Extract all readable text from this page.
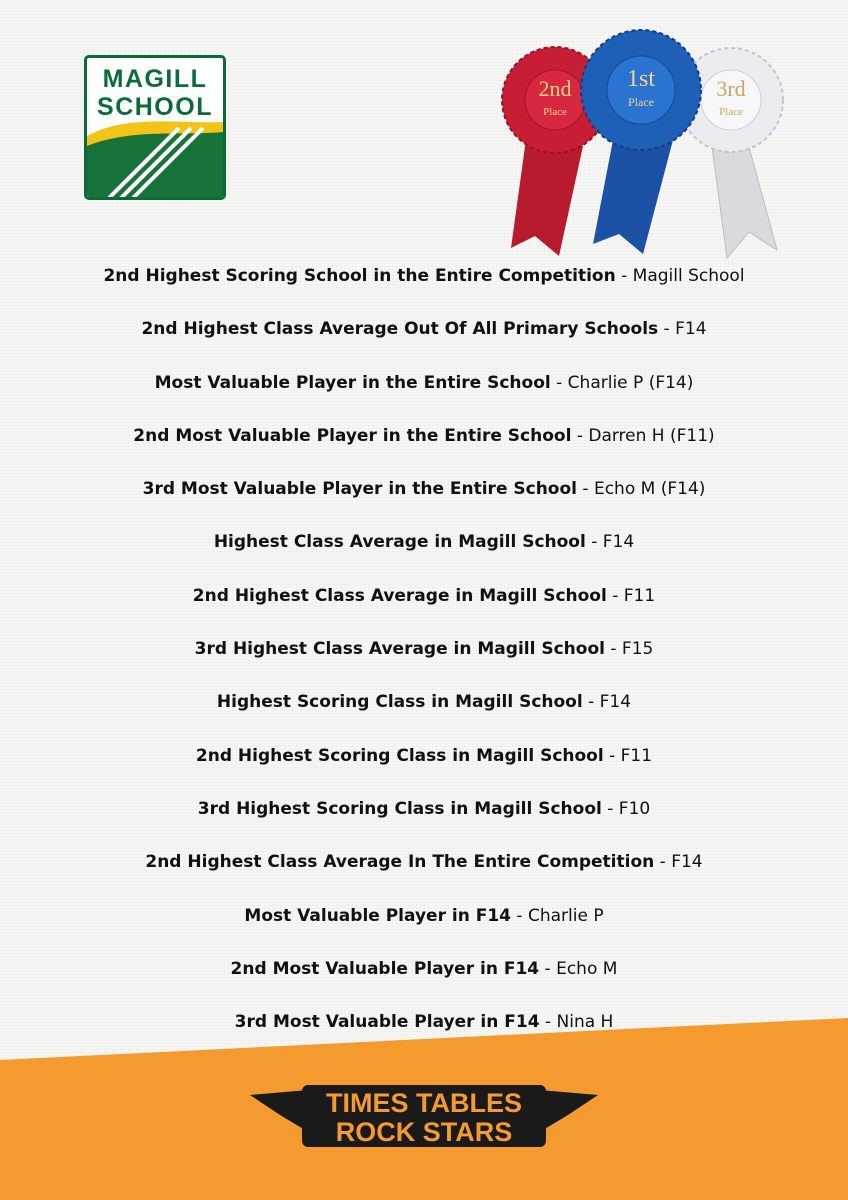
MAGILL
SCHOOL
3rd
Place
2nd
Place
1st
Place
2nd Highest Scoring School in the Entire Competition - Magill School
2nd Highest Class Average Out Of All Primary Schools - F14
Most Valuable Player in the Entire School - Charlie P (F14)
2nd Most Valuable Player in the Entire School - Darren H (F11)
3rd Most Valuable Player in the Entire School - Echo M (F14)
Highest Class Average in Magill School - F14
2nd Highest Class Average in Magill School - F11
3rd Highest Class Average in Magill School - F15
Highest Scoring Class in Magill School - F14
2nd Highest Scoring Class in Magill School - F11
3rd Highest Scoring Class in Magill School - F10
2nd Highest Class Average In The Entire Competition - F14
Most Valuable Player in F14 - Charlie P
2nd Most Valuable Player in F14 - Echo M
3rd Most Valuable Player in F14 - Nina H
TIMES TABLES
ROCK STARS
